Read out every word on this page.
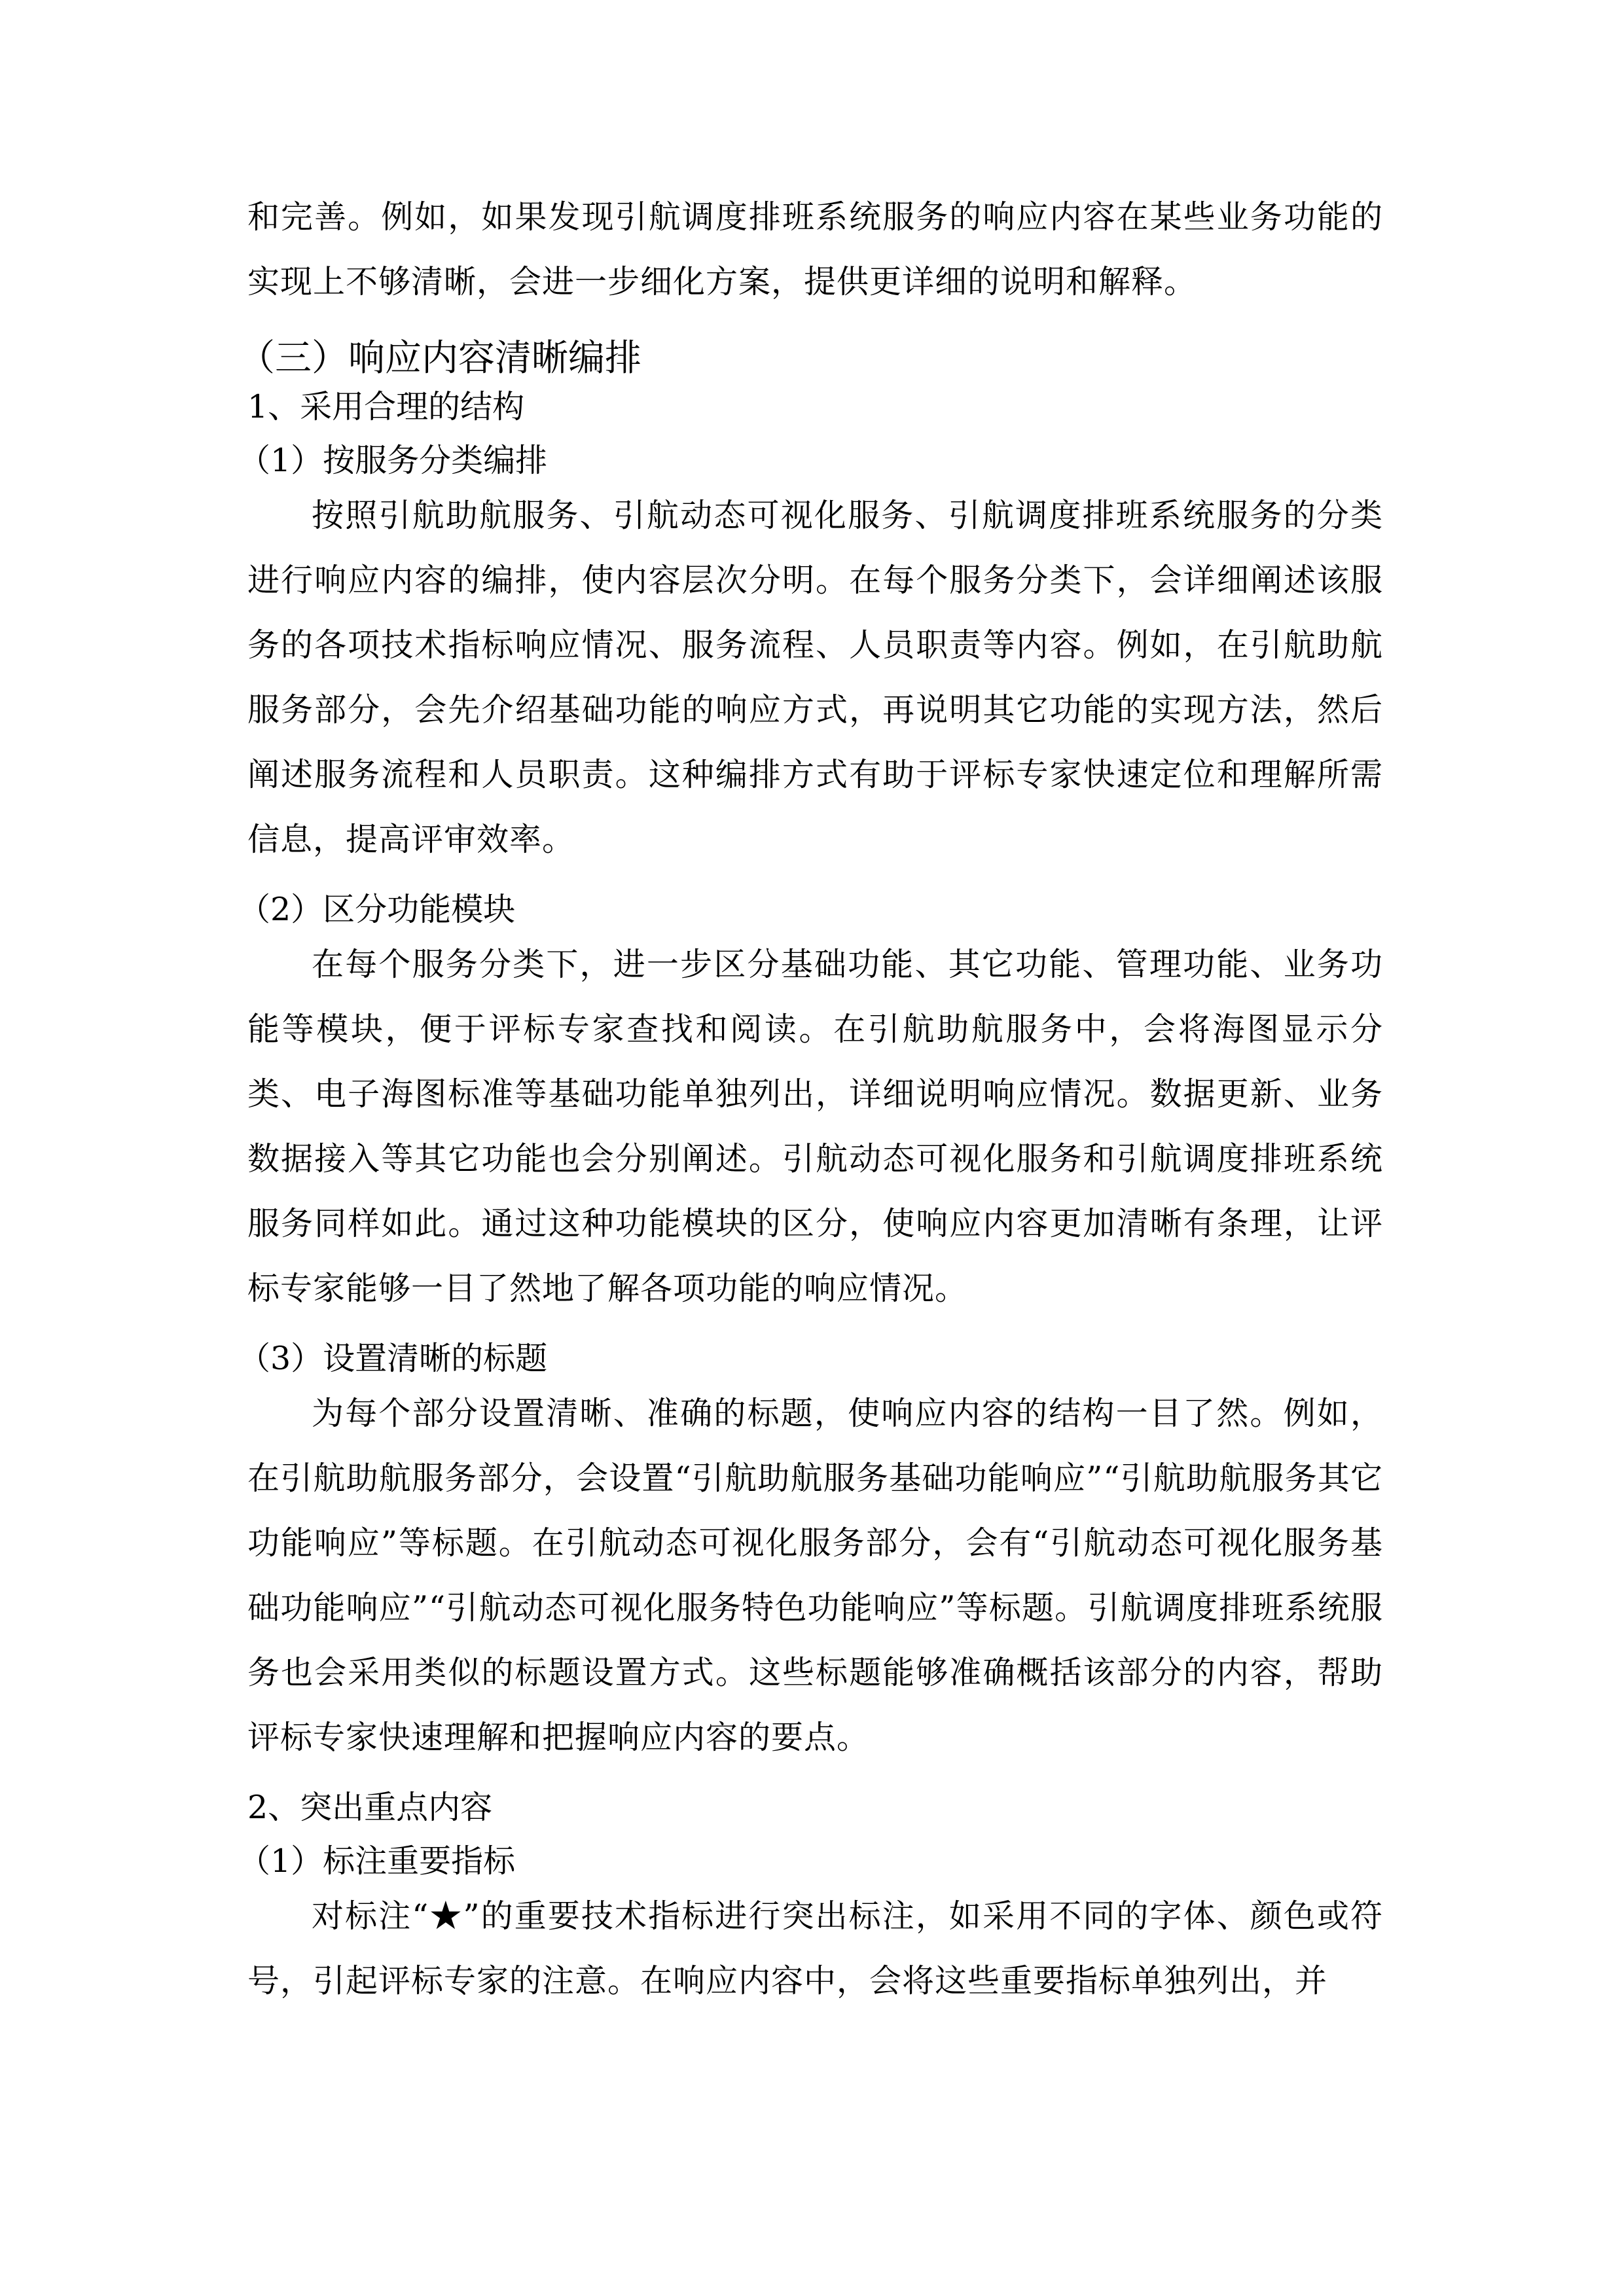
和完善。例如，如果发现引航调度排班系统服务的响应内容在某些业务功能的实现上不够清晰，会进一步细化方案，提供更详细的说明和解释。

（三）响应内容清晰编排
1、采用合理的结构
（1）按服务分类编排

按照引航助航服务、引航动态可视化服务、引航调度排班系统服务的分类进行响应内容的编排，使内容层次分明。在每个服务分类下，会详细阐述该服务的各项技术指标响应情况、服务流程、人员职责等内容。例如，在引航助航服务部分，会先介绍基础功能的响应方式，再说明其它功能的实现方法，然后阐述服务流程和人员职责。这种编排方式有助于评标专家快速定位和理解所需信息，提高评审效率。

（2）区分功能模块

在每个服务分类下，进一步区分基础功能、其它功能、管理功能、业务功能等模块，便于评标专家查找和阅读。在引航助航服务中，会将海图显示分类、电子海图标准等基础功能单独列出，详细说明响应情况。数据更新、业务数据接入等其它功能也会分别阐述。引航动态可视化服务和引航调度排班系统服务同样如此。通过这种功能模块的区分，使响应内容更加清晰有条理，让评标专家能够一目了然地了解各项功能的响应情况。

（3）设置清晰的标题

为每个部分设置清晰、准确的标题，使响应内容的结构一目了然。例如，在引航助航服务部分，会设置“引航助航服务基础功能响应”“引航助航服务其它功能响应”等标题。在引航动态可视化服务部分，会有“引航动态可视化服务基础功能响应”“引航动态可视化服务特色功能响应”等标题。引航调度排班系统服务也会采用类似的标题设置方式。这些标题能够准确概括该部分的内容，帮助评标专家快速理解和把握响应内容的要点。

2、突出重点内容
（1）标注重要指标

对标注“★”的重要技术指标进行突出标注，如采用不同的字体、颜色或符号，引起评标专家的注意。在响应内容中，会将这些重要指标单独列出，并
